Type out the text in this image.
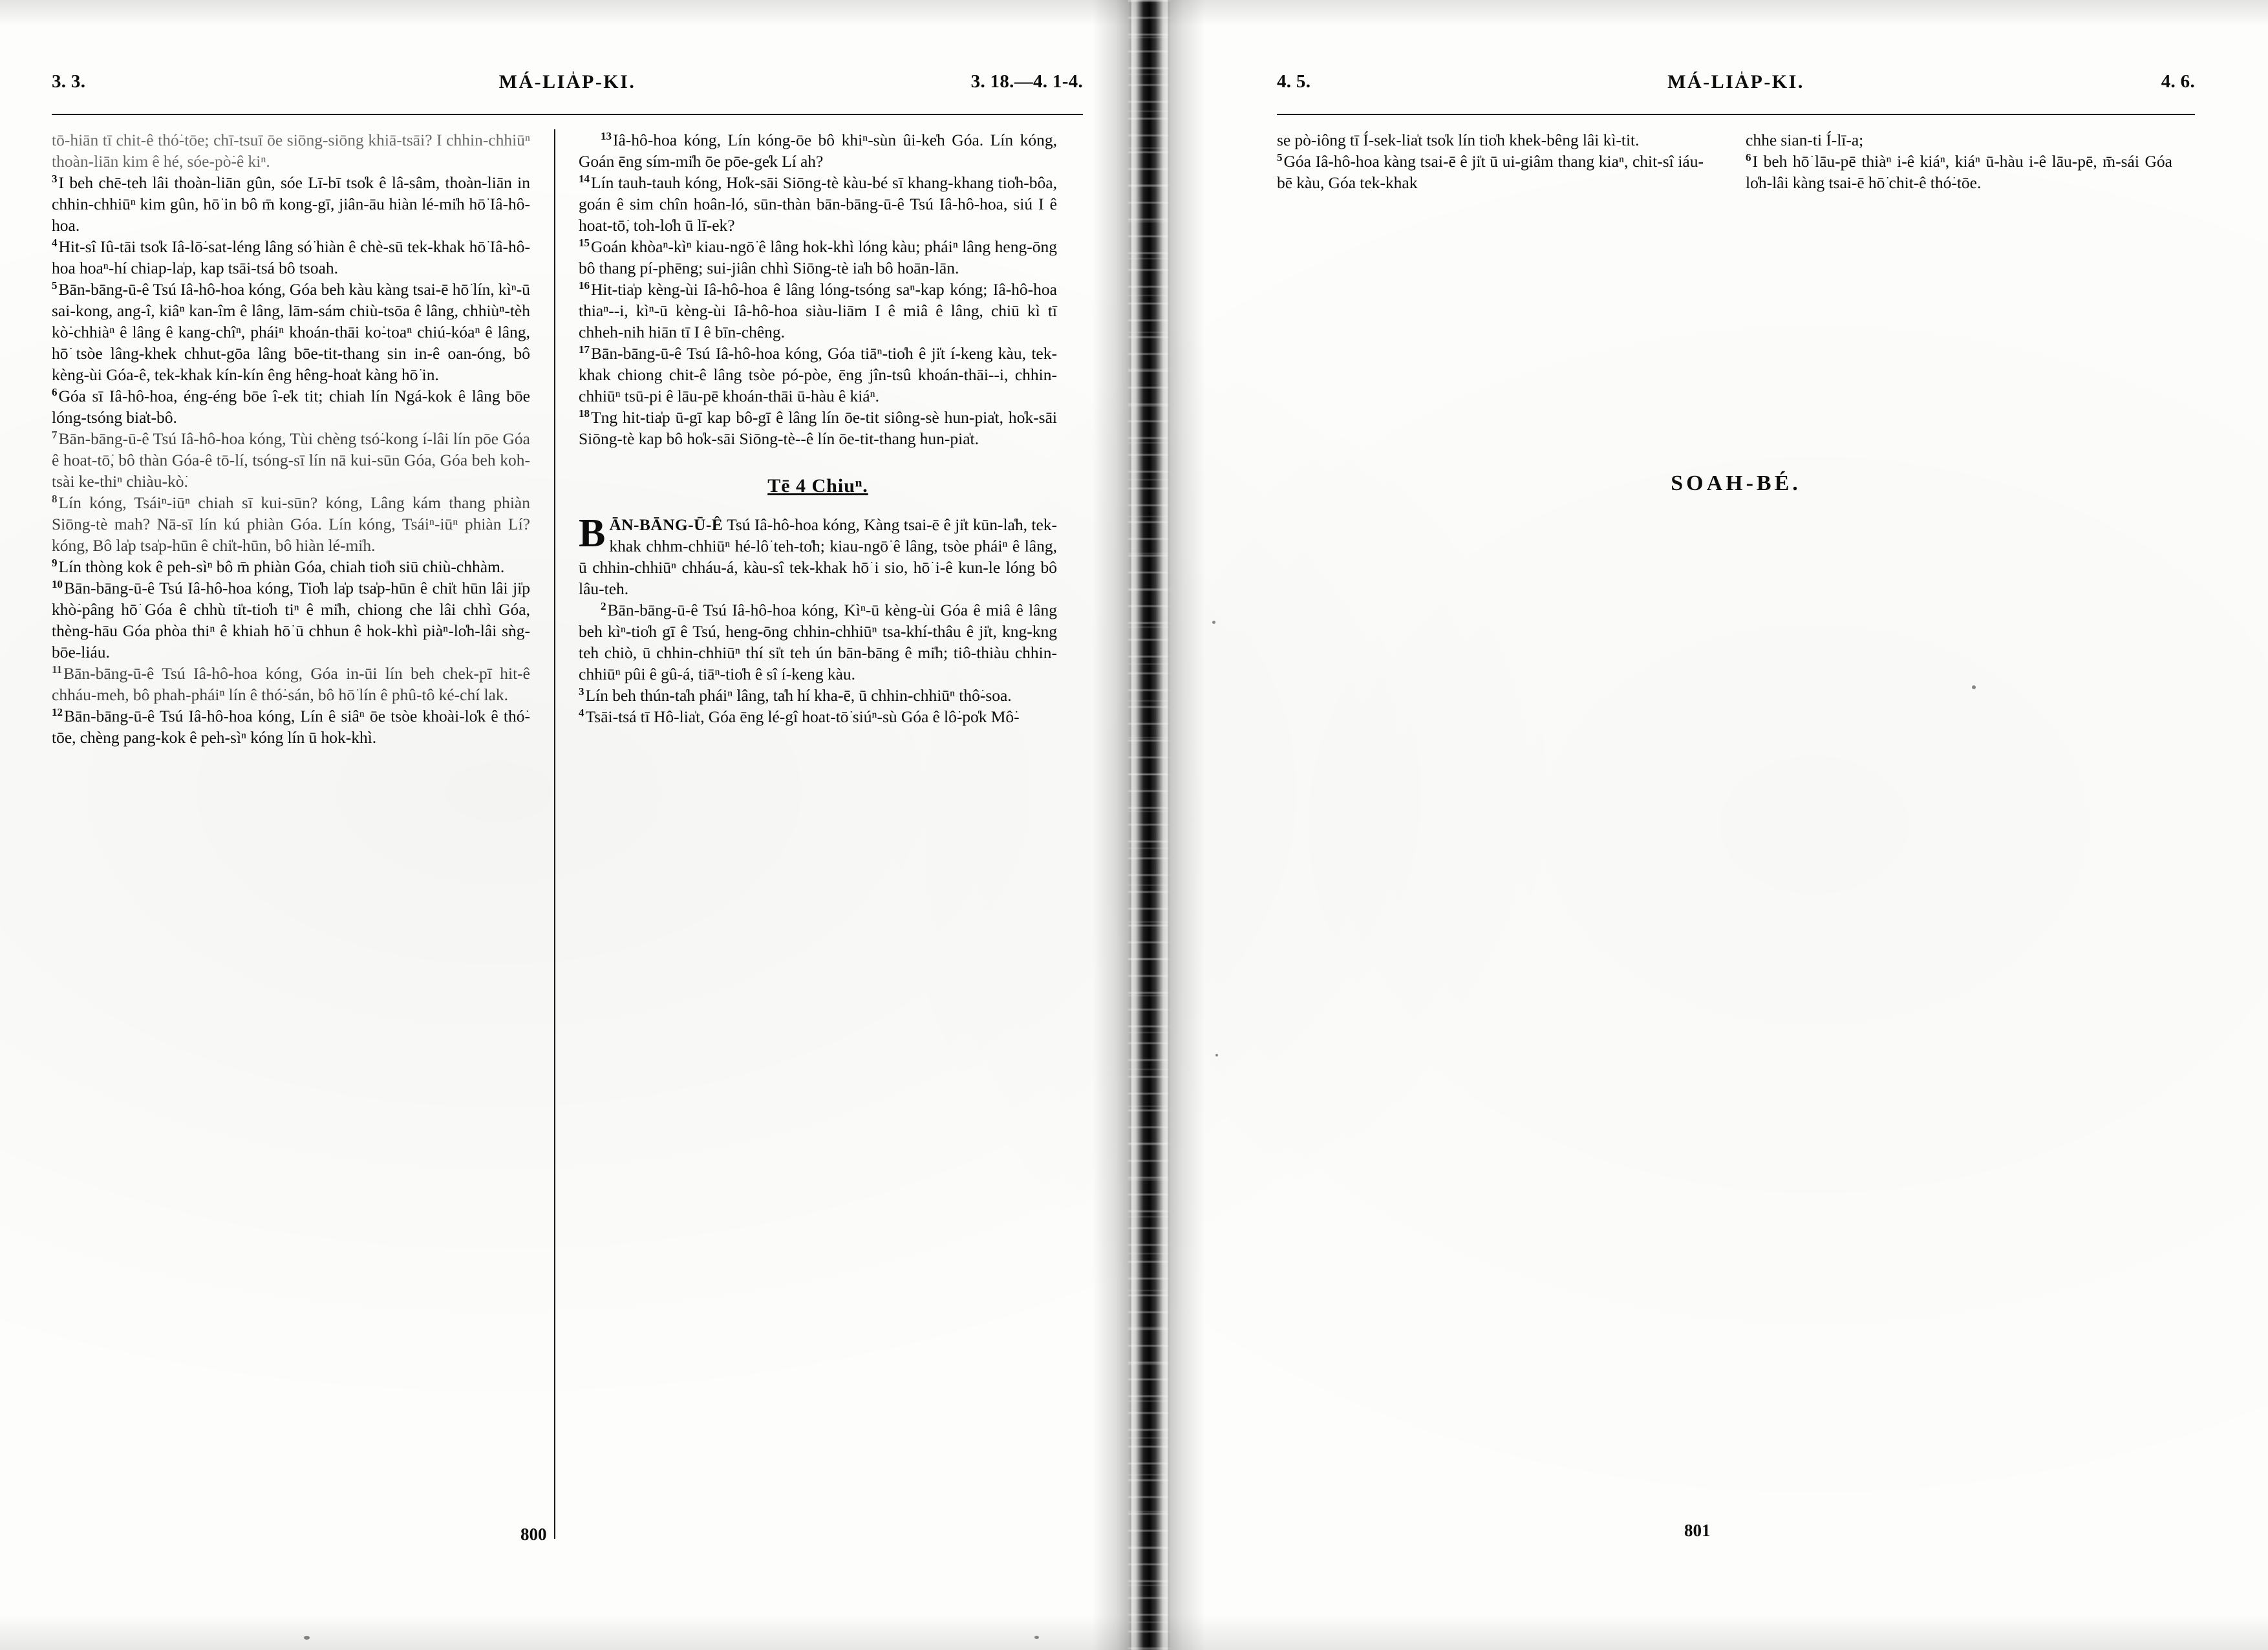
3. 3.	MÁ-LIA̍P-KI.	3. 18.—4. 1-4.

tō-hiān tī chit-ê thó͘-tōe; chī-tsuī ōe siōng-siōng khiā-tsāi? I chhin-chhiūⁿ thoàn-liān kim ê hé, sóe-pò͘-ê kiⁿ.

$^3$I beh chē-teh lâi thoàn-liān gûn, sóe Lī-bī tso̍k ê lâ-sâm, thoàn-liān in chhin-chhiūⁿ kim gûn, hō͘ in bô m̄ kong-gī, jiân-āu hiàn lé-mi̍h hō͘ Iâ-hô-hoa.

$^4$Hit-sî Iû-tāi tso̍k Iâ-lō͘-sat-léng lâng só͘ hiàn ê chè-sū tek-khak hō͘ Iâ-hô-hoa hoaⁿ-hí chiap-la̍p, kap tsāi-tsá bô tsoah.

$^5$Bān-bāng-ū-ê Tsú Iâ-hô-hoa kóng, Góa beh kàu kàng tsai-ē hō͘ lín, kìⁿ-ū sai-kong, ang-î, kiâⁿ kan-îm ê lâng, lām-sám chiù-tsōa ê lâng, chhiùⁿ-tèh kò͘-chhiàⁿ ê lâng ê kang-chîⁿ, pháiⁿ khoán-thāi ko͘-toaⁿ chiú-kóaⁿ ê lâng, hō͘ tsòe lâng-khek chhut-gōa lâng bōe-tit-thang sin in-ê oan-óng, bô kèng-ùi Góa-ê, tek-khak kín-kín êng hêng-hoa̍t kàng hō͘ in.

$^6$Góa sī Iâ-hô-hoa, éng-éng bōe î-e̍k tit; chiah lín Ngá-kok ê lâng bōe lóng-tsóng bia̍t-bô.

$^7$Bān-bāng-ū-ê Tsú Iâ-hô-hoa kóng, Tùi chèng tsó͘-kong í-lâi lín pōe Góa ê hoat-tō͘, bô thàn Góa-ê tō-lí, tsóng-sī lín nā kui-sūn Góa, Góa beh koh-tsài ke-thiⁿ chiàu-kò͘.

$^8$Lín kóng, Tsáiⁿ-iūⁿ chiah sī kui-sūn? kóng, Lâng kám thang phiàn Siōng-tè mah? Nā-sī lín kú phiàn Góa. Lín kóng, Tsáiⁿ-iūⁿ phiàn Lí? kóng, Bô la̍p tsa̍p-hūn ê chi̍t-hūn, bô hiàn lé-mi̍h.

$^9$Lín thòng kok ê peh-sìⁿ bô m̄ phiàn Góa, chiah tio̍h siū chiù-chhàm.

$^{10}$Bān-bāng-ū-ê Tsú Iâ-hô-hoa kóng, Tio̍h la̍p tsa̍p-hūn ê chi̍t hūn lâi ji̍p khò͘-pâng hō͘ Góa ê chhù ti̍t-tio̍h tiⁿ ê mi̍h, chiong che lâi chhì Góa, thèng-hāu Góa phòa thiⁿ ê khiah hō͘ ū chhun ê hok-khì piàⁿ-lo̍h-lâi sǹg-bōe-liáu.

$^{11}$Bān-bāng-ū-ê Tsú Iâ-hô-hoa kóng, Góa in-ūi lín beh chek-pī hit-ê chháu-meh, bô phah-pháiⁿ lín ê thó͘-sán, bô hō͘ lín ê phû-tô ké-chí lak.

$^{12}$Bān-bāng-ū-ê Tsú Iâ-hô-hoa kóng, Lín ê siâⁿ ōe tsòe khoài-lo̍k ê thó͘-tōe, chèng pang-kok ê peh-sìⁿ kóng lín ū hok-khì.

$^{13}$Iâ-hô-hoa kóng, Lín kóng-ōe bô khiⁿ-sùn ûi-ke̍h Góa. Lín kóng, Goán ēng sím-mi̍h ōe pōe-ge̍k Lí ah?

$^{14}$Lín tauh-tauh kóng, Ho̍k-sāi Siōng-tè kàu-bé sī khang-khang tio̍h-bôa, goán ê sim chîn hoân-ló, sūn-thàn bān-bāng-ū-ê Tsú Iâ-hô-hoa, siú I ê hoat-tō͘, toh-lo̍h ū lī-ek?

$^{15}$Goán khòaⁿ-kìⁿ kiau-ngō͘ ê lâng hok-khì lóng kàu; pháiⁿ lâng heng-ōng bô thang pí-phēng; sui-jiân chhì Siōng-tè ia̍h bô hoān-lān.

$^{16}$Hit-tia̍p kèng-ùi Iâ-hô-hoa ê lâng lóng-tsóng saⁿ-kap kóng; Iâ-hô-hoa thiaⁿ--i, kìⁿ-ū kèng-ùi Iâ-hô-hoa siàu-liām I ê miâ ê lâng, chiū kì tī chheh-nih hiān tī I ê bīn-chêng.

$^{17}$Bān-bāng-ū-ê Tsú Iâ-hô-hoa kóng, Góa tiāⁿ-tio̍h ê ji̍t í-keng kàu, tek-khak chiong chit-ê lâng tsòe pó-pòe, ēng jîn-tsû khoán-thāi--i, chhin-chhiūⁿ tsū-pi ê lāu-pē khoán-thāi ū-hàu ê kiáⁿ.

$^{18}$Tng hit-tia̍p ū-gī kap bô-gī ê lâng lín ōe-tit siông-sè hun-pia̍t, ho̍k-sāi Siōng-tè kap bô ho̍k-sāi Siōng-tè--ê lín ōe-tit-thang hun-pia̍t.

Tē 4 Chiuⁿ.

BĀN-BĀNG-Ū-Ê Tsú Iâ-hô-hoa kóng, Kàng tsai-ē ê ji̍t kūn-la̍h, tek-khak chhm-chhiūⁿ hé-lô͘ teh-to̍h; kiau-ngō͘ ê lâng, tsòe pháiⁿ ê lâng, ū chhin-chhiūⁿ chháu-á, kàu-sî tek-khak hō͘ i sio, hō͘ i-ê kun-le lóng bô lâu-teh.

$^2$Bān-bāng-ū-ê Tsú Iâ-hô-hoa kóng, Kìⁿ-ū kèng-ùi Góa ê miâ ê lâng beh kìⁿ-tio̍h gī ê Tsú, heng-ōng chhin-chhiūⁿ tsa-khí-thâu ê ji̍t, kng-kng teh chiò, ū chhin-chhiūⁿ thí si̍t teh ún bān-bāng ê mi̍h; tiô-thiàu chhin-chhiūⁿ pûi ê gû-á, tiāⁿ-tio̍h ê sî í-keng kàu.

$^3$Lín beh thún-ta̍h pháiⁿ lâng, ta̍h hí kha-ē, ū chhin-chhiūⁿ thô͘-soa.

$^4$Tsāi-tsá tī Hô-lia̍t, Góa ēng lé-gî hoat-tō͘ siúⁿ-sù Góa ê lô͘-po̍k Mô͘-

800
4. 5.	MÁ-LIA̍P-KI.	4. 6.

se pò-iông tī Í-sek-lia̍t tso̍k lín tio̍h khek-bêng lâi kì-tit.

$^5$Góa Iâ-hô-hoa kàng tsai-ē ê ji̍t ū ui-giâm thang kiaⁿ, chit-sî iáu-bē kàu, Góa tek-khak

chhe sian-ti Í-lī-a;

$^6$I beh hō͘ lāu-pē thiàⁿ i-ê kiáⁿ, kiáⁿ ū-hàu i-ê lāu-pē, m̄-sái Góa lo̍h-lâi kàng tsai-ē hō͘ chit-ê thó͘-tōe.

SOAH-BÉ.
801
